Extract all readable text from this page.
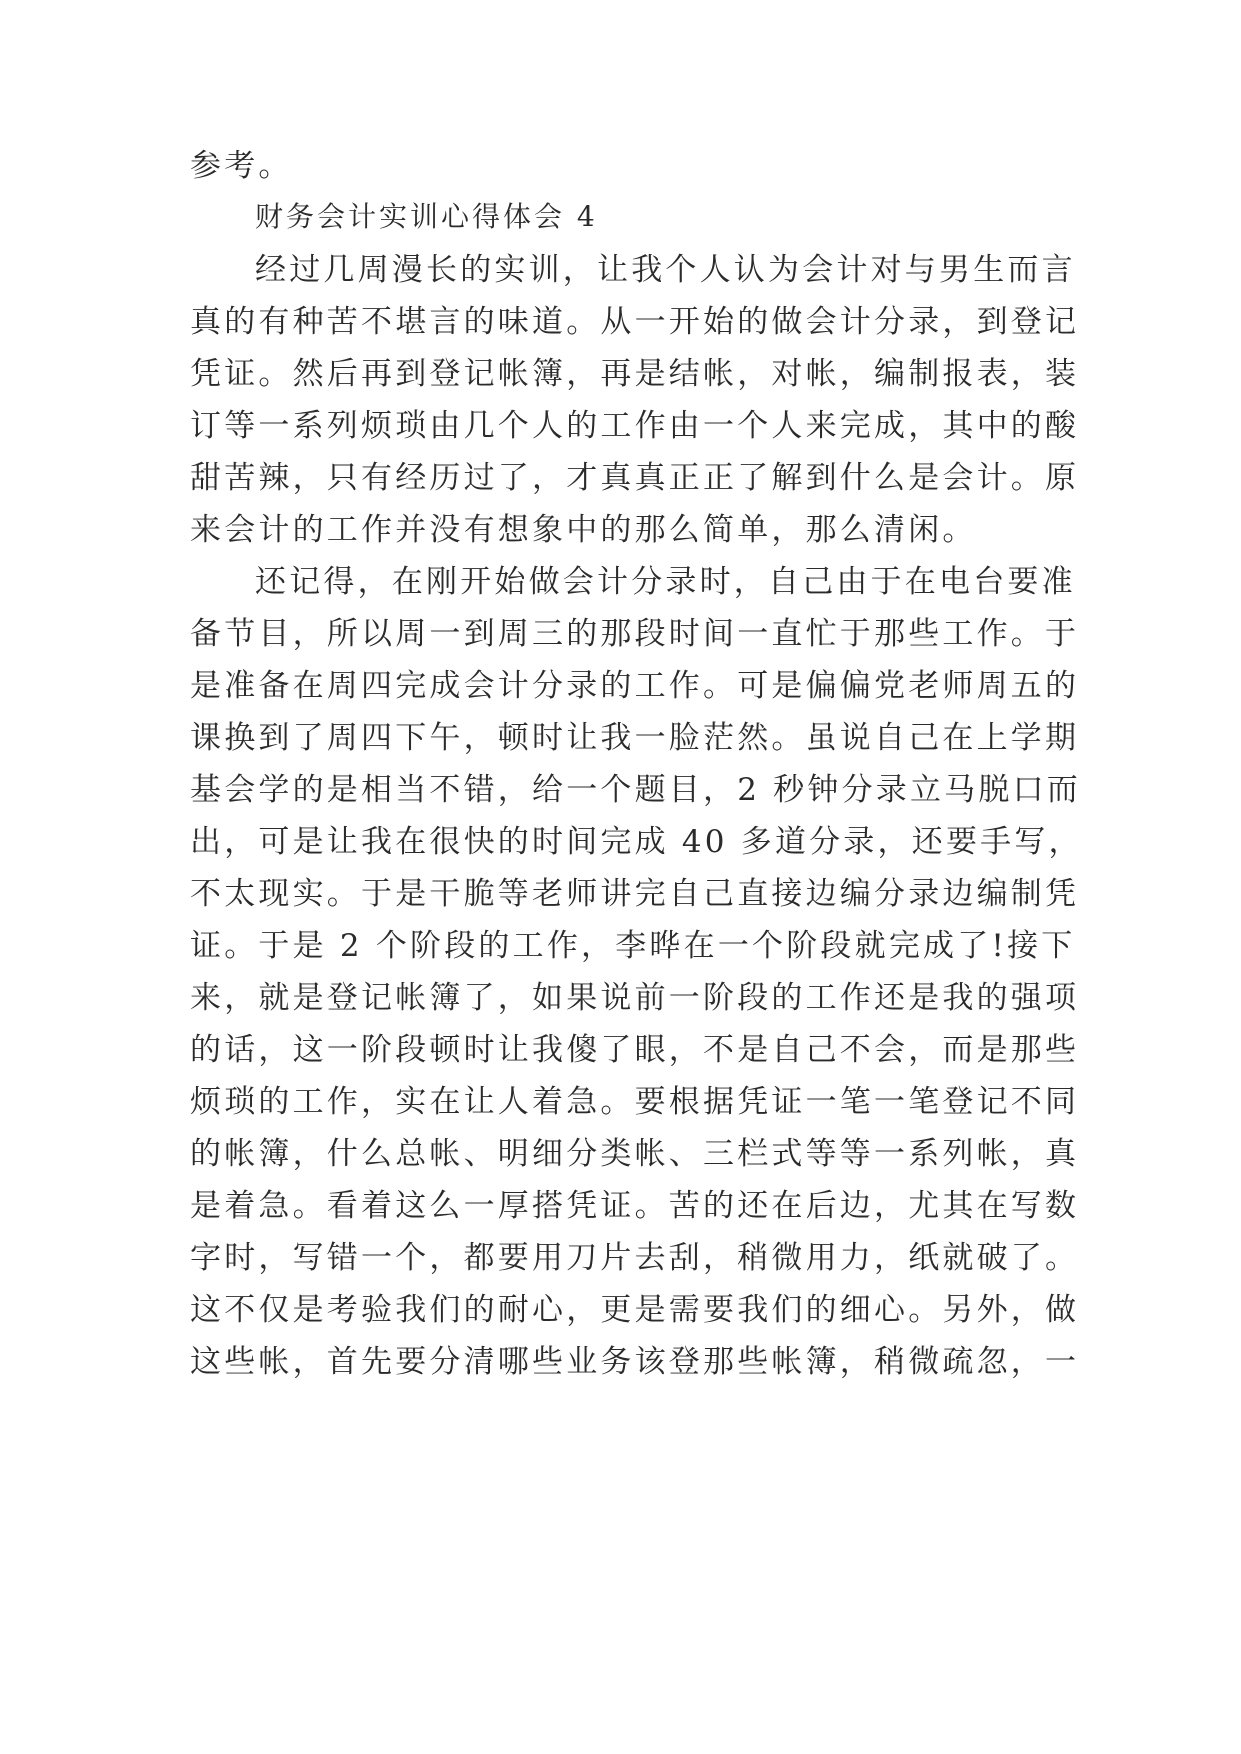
参考。
财务会计实训心得体会 4
经过几周漫长的实训，让我个人认为会计对与男生而言
真的有种苦不堪言的味道。从一开始的做会计分录，到登记
凭证。然后再到登记帐簿，再是结帐，对帐，编制报表，装
订等一系列烦琐由几个人的工作由一个人来完成，其中的酸
甜苦辣，只有经历过了，才真真正正了解到什么是会计。原
来会计的工作并没有想象中的那么简单，那么清闲。
还记得，在刚开始做会计分录时，自己由于在电台要准
备节目，所以周一到周三的那段时间一直忙于那些工作。于
是准备在周四完成会计分录的工作。可是偏偏党老师周五的
课换到了周四下午，顿时让我一脸茫然。虽说自己在上学期
基会学的是相当不错，给一个题目，2 秒钟分录立马脱口而
出，可是让我在很快的时间完成 40 多道分录，还要手写，
不太现实。于是干脆等老师讲完自己直接边编分录边编制凭
证。于是 2 个阶段的工作，李晔在一个阶段就完成了!接下
来，就是登记帐簿了，如果说前一阶段的工作还是我的强项
的话，这一阶段顿时让我傻了眼，不是自己不会，而是那些
烦琐的工作，实在让人着急。要根据凭证一笔一笔登记不同
的帐簿，什么总帐、明细分类帐、三栏式等等一系列帐，真
是着急。看着这么一厚搭凭证。苦的还在后边，尤其在写数
字时，写错一个，都要用刀片去刮，稍微用力，纸就破了。
这不仅是考验我们的耐心，更是需要我们的细心。另外，做
这些帐，首先要分清哪些业务该登那些帐簿，稍微疏忽，一
